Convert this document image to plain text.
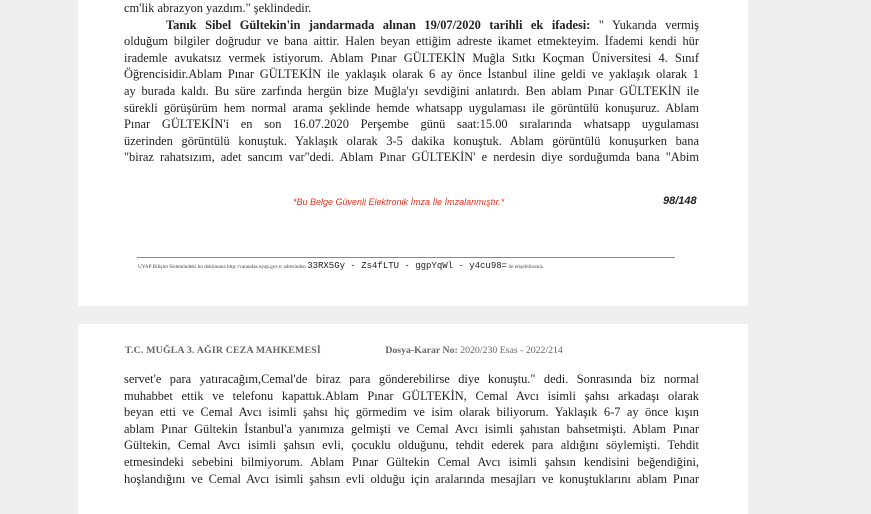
cm'lik abrazyon yazdım." şeklindedir.
Tanık Sibel Gültekin'in jandarmada alınan 19/07/2020 tarihli ek ifadesi: " Yukarıda vermiş
olduğum bilgiler doğrudur ve bana aittir. Halen beyan ettiğim adreste ikamet etmekteyim. İfademi kendi hür
irademle avukatsız vermek istiyorum. Ablam Pınar GÜLTEKİN Muğla Sıtkı Koçman Üniversitesi 4. Sınıf
Öğrencisidir.Ablam Pınar GÜLTEKİN ile yaklaşık olarak 6 ay önce İstanbul iline geldi ve yaklaşık olarak 1
ay burada kaldı. Bu süre zarfında hergün bize Muğla'yı sevdiğini anlatırdı. Ben ablam Pınar GÜLTEKİN ile
sürekli görüşürüm hem normal arama şeklinde hemde whatsapp uygulaması ile görüntülü konuşuruz. Ablam
Pınar GÜLTEKİN'i en son 16.07.2020 Perşembe günü saat:15.00 sıralarında whatsapp uygulaması
üzerinden görüntülü konuştuk. Yaklaşık olarak 3-5 dakika konuştuk. Ablam görüntülü konuşurken bana
"biraz rahatsızım, adet sancım var"dedi. Ablam Pınar GÜLTEKİN' e nerdesin diye sorduğumda bana "Abim
*Bu Belge Güvenli Elektronik İmza İle İmzalanmıştır.*	98/148
UYAP Bilişim Sistemindeki bu dokümana http://vatandas.uyap.gov.tr adresinden 33RX5Gy - Zs4fLTU - ggpYqWl - y4cu98= ile erişebilirsiniz.
T.C. MUĞLA 3. AĞIR CEZA MAHKEMESİ	Dosya-Karar No: 2020/230 Esas - 2022/214
servet'e para yatıracağım,Cemal'de biraz para gönderebilirse diye konuştu." dedi. Sonrasında biz normal
muhabbet ettik ve telefonu kapattık.Ablam Pınar GÜLTEKİN, Cemal Avcı isimli şahsı arkadaşı olarak
beyan etti ve Cemal Avcı isimli şahsı hiç görmedim ve isim olarak biliyorum. Yaklaşık 6-7 ay önce kışın
ablam Pınar Gültekin İstanbul'a yanımıza gelmişti ve Cemal Avcı isimli şahıstan bahsetmişti. Ablam Pınar
Gültekin, Cemal Avcı isimli şahsın evli, çocuklu olduğunu, tehdit ederek para aldığını söylemişti. Tehdit
etmesindeki sebebini bilmiyorum. Ablam Pınar Gültekin Cemal Avcı isimli şahsın kendisini beğendiğini,
hoşlandığını ve Cemal Avcı isimli şahsın evli olduğu için aralarında mesajları ve konuştuklarını ablam Pınar
